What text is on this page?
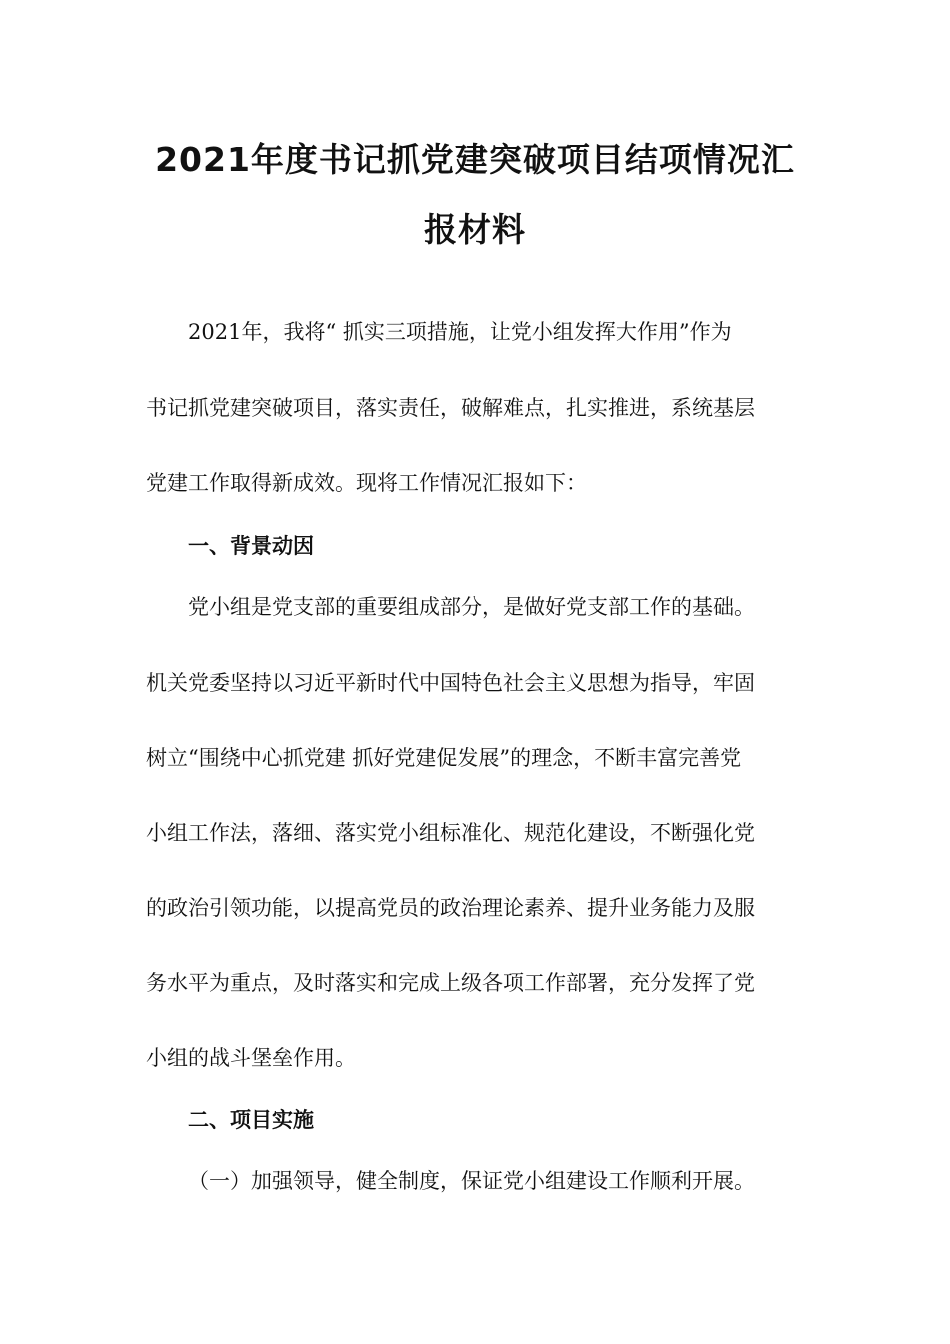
2021年度书记抓党建突破项目结项情况汇
报材料
2021年，我将“ 抓实三项措施，让党小组发挥大作用”作为
书记抓党建突破项目，落实责任，破解难点，扎实推进，系统基层
党建工作取得新成效。现将工作情况汇报如下：
一、背景动因
党小组是党支部的重要组成部分，是做好党支部工作的基础。
机关党委坚持以习近平新时代中国特色社会主义思想为指导，牢固
树立“围绕中心抓党建 抓好党建促发展”的理念，不断丰富完善党
小组工作法，落细、落实党小组标准化、规范化建设，不断强化党
的政治引领功能，以提高党员的政治理论素养、提升业务能力及服
务水平为重点，及时落实和完成上级各项工作部署，充分发挥了党
小组的战斗堡垒作用。
二、项目实施
（一）加强领导，健全制度，保证党小组建设工作顺利开展。
